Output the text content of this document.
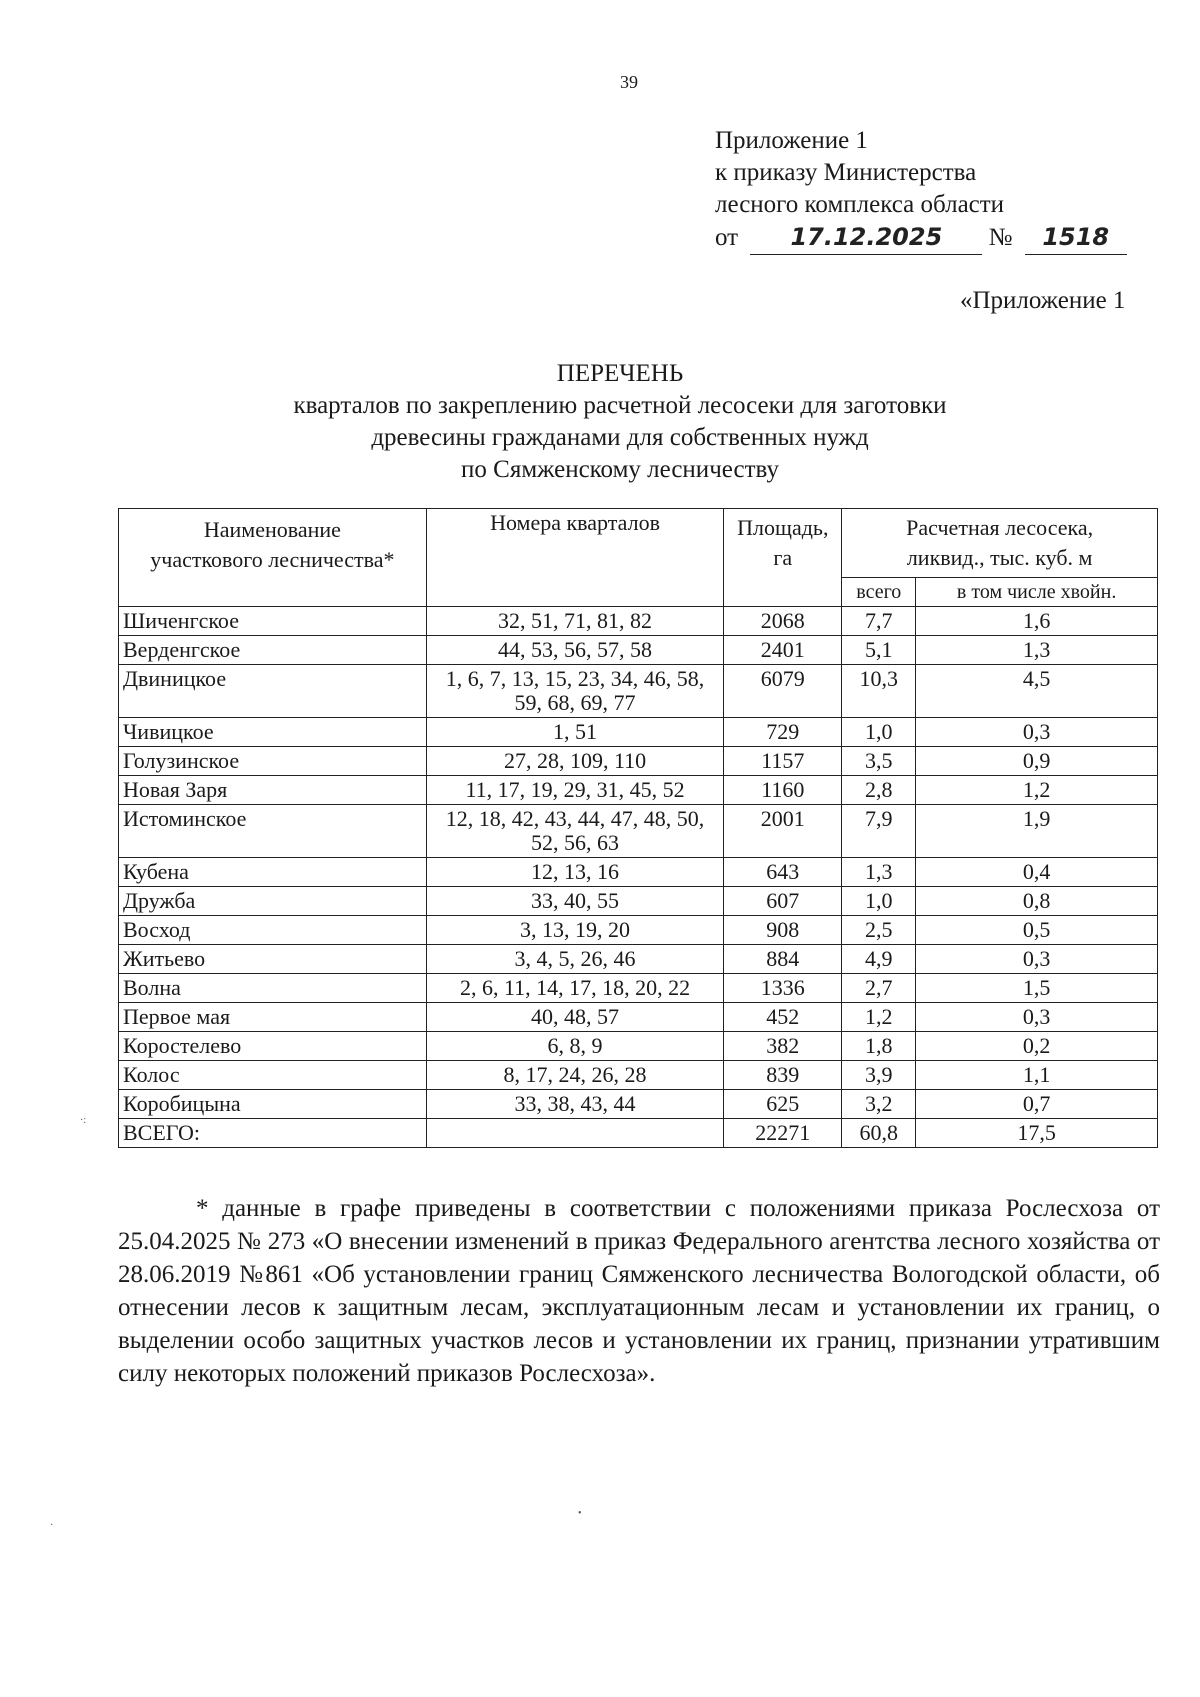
39
Приложение 1
к приказу Министерства
лесного комплекса области
от 17.12.2025 № 1518
«Приложение 1
ПЕРЕЧЕНЬ
кварталов по закреплению расчетной лесосеки для заготовки
древесины гражданами для собственных нужд
по Сямженскому лесничеству
Наименование участкового лесничества*	Номера кварталов	Площадь, га	Расчетная лесосека, ликвид., тыс. куб. м	
			всего	в том числе хвойн.
Шиченгское	32, 51, 71, 81, 82	2068	7,7	1,6
Верденгское	44, 53, 56, 57, 58	2401	5,1	1,3
Двиницкое	1, 6, 7, 13, 15, 23, 34, 46, 58, 59, 68, 69, 77	6079	10,3	4,5
Чивицкое	1, 51	729	1,0	0,3
Голузинское	27, 28, 109, 110	1157	3,5	0,9
Новая Заря	11, 17, 19, 29, 31, 45, 52	1160	2,8	1,2
Истоминское	12, 18, 42, 43, 44, 47, 48, 50, 52, 56, 63	2001	7,9	1,9
Кубена	12, 13, 16	643	1,3	0,4
Дружба	33, 40, 55	607	1,0	0,8
Восход	3, 13, 19, 20	908	2,5	0,5
Житьево	3, 4, 5, 26, 46	884	4,9	0,3
Волна	2, 6, 11, 14, 17, 18, 20, 22	1336	2,7	1,5
Первое мая	40, 48, 57	452	1,2	0,3
Коростелево	6, 8, 9	382	1,8	0,2
Колос	8, 17, 24, 26, 28	839	3,9	1,1
Коробицына	33, 38, 43, 44	625	3,2	0,7
ВСЕГО:		22271	60,8	17,5

* данные в графе приведены в соответствии с положениями приказа Рослесхоза от 25.04.2025 № 273 «О внесении изменений в приказ Федерального агентства лесного хозяйства от 28.06.2019 №861 «Об установлении границ Сямженского лесничества Вологодской области, об отнесении лесов к защитным лесам, эксплуатационным лесам и установлении их границ, о выделении особо защитных участков лесов и установлении их границ, признании утратившим силу некоторых положений приказов Рослесхоза».

·:
·
•
